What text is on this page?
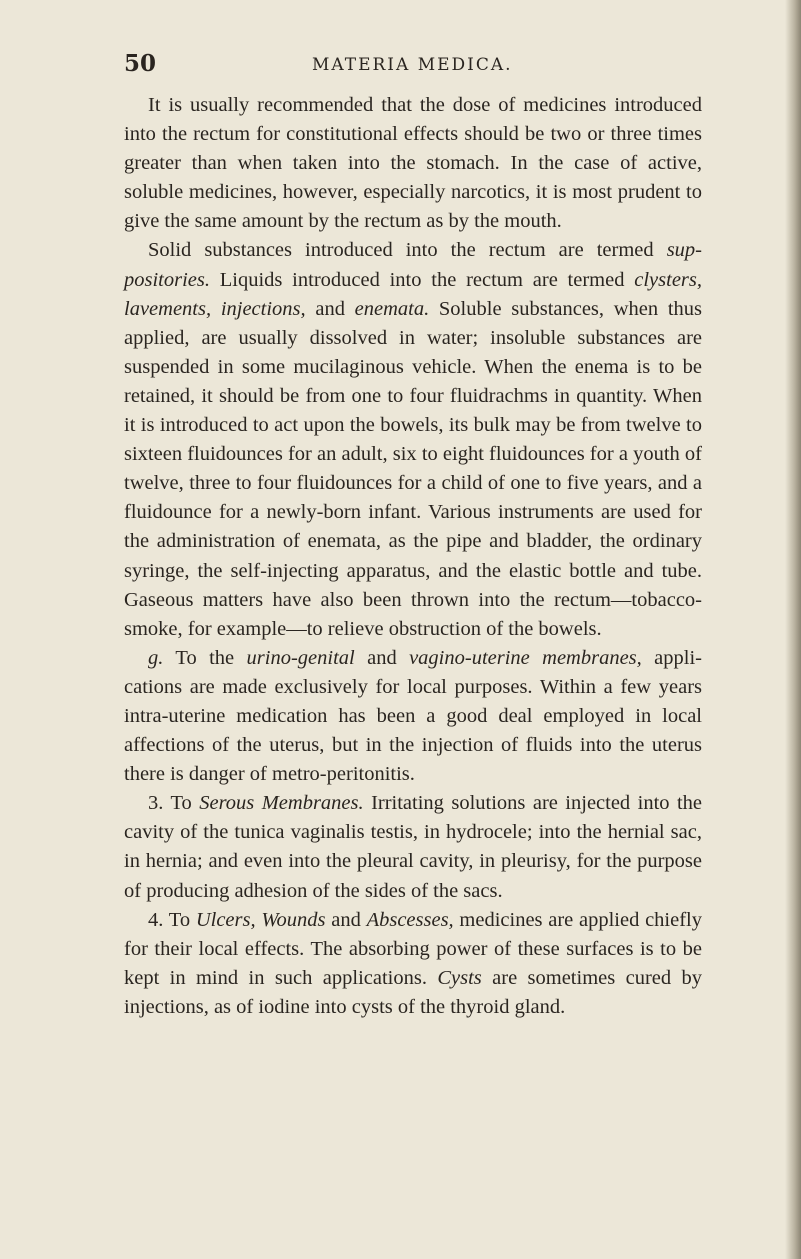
50	MATERIA MEDICA.

It is usually recommended that the dose of medicines introduced into the rectum for constitutional effects should be two or three times greater than when taken into the stomach. In the case of active, soluble medicines, however, especially narcotics, it is most prudent to give the same amount by the rectum as by the mouth.

Solid substances introduced into the rectum are termed suppositories. Liquids introduced into the rectum are termed clysters, lavements, injections, and enemata. Soluble substances, when thus applied, are usually dissolved in water; insoluble substances are suspended in some mucilaginous vehicle. When the enema is to be retained, it should be from one to four fluidrachms in quantity. When it is introduced to act upon the bowels, its bulk may be from twelve to sixteen fluidounces for an adult, six to eight fluidounces for a youth of twelve, three to four fluidounces for a child of one to five years, and a fluidounce for a newly-born infant. Various instruments are used for the administration of enemata, as the pipe and bladder, the ordinary syringe, the self-injecting apparatus, and the elastic bottle and tube. Gaseous matters have also been thrown into the rectum—tobacco-smoke, for example—to relieve obstruction of the bowels.

g. To the urino-genital and vagino-uterine membranes, applications are made exclusively for local purposes. Within a few years intra-uterine medication has been a good deal employed in local affections of the uterus, but in the injection of fluids into the uterus there is danger of metro-peritonitis.

3. To Serous Membranes. Irritating solutions are injected into the cavity of the tunica vaginalis testis, in hydrocele; into the hernial sac, in hernia; and even into the pleural cavity, in pleurisy, for the purpose of producing adhesion of the sides of the sacs.

4. To Ulcers, Wounds and Abscesses, medicines are applied chiefly for their local effects. The absorbing power of these surfaces is to be kept in mind in such applications. Cysts are sometimes cured by injections, as of iodine into cysts of the thyroid gland.
